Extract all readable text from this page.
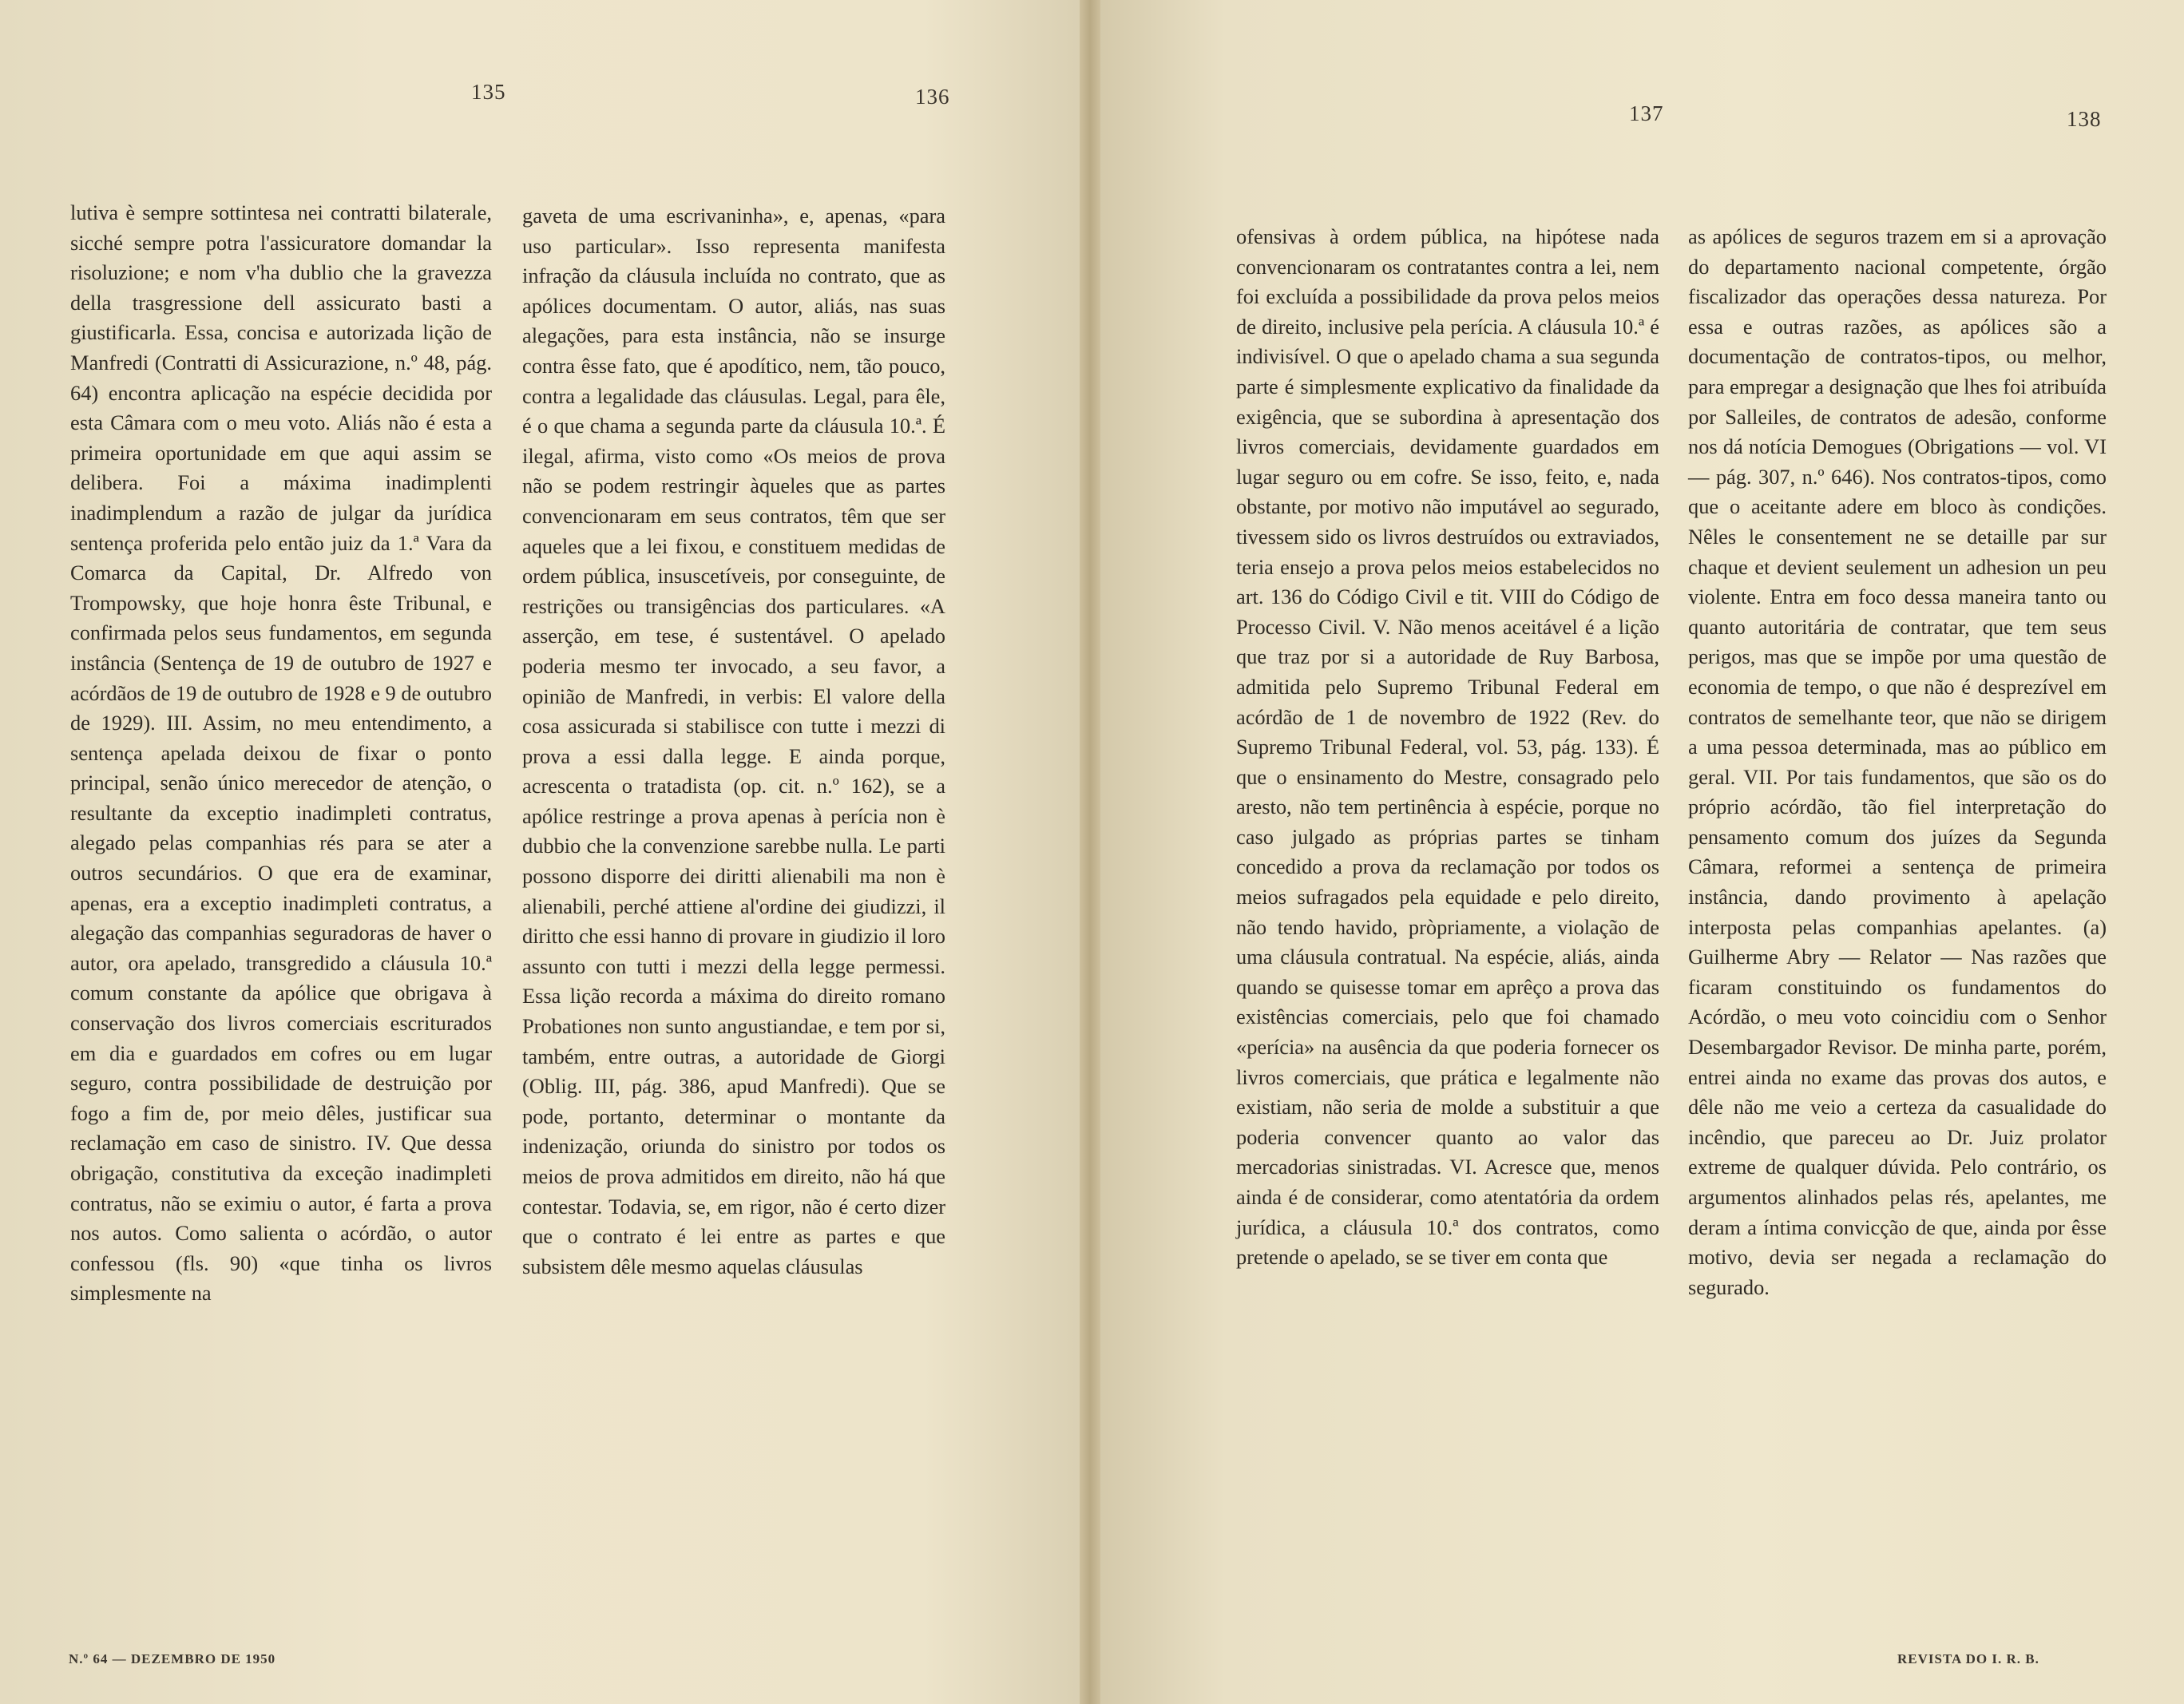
135	136
137	138

lutiva è sempre sottintesa nei contratti bilaterale, sicché sempre potra l'assicuratore domandar la risoluzione; e nom v'ha dublio che la gravezza della trasgressione dell assicurato basti a giustificarla. Essa, concisa e autorizada lição de Manfredi (Contratti di Assicurazione, n.º 48, pág. 64) encontra aplicação na espécie decidida por esta Câmara com o meu voto. Aliás não é esta a primeira oportunidade em que aqui assim se delibera. Foi a máxima inadimplenti inadimplendum a razão de julgar da jurídica sentença proferida pelo então juiz da 1.ª Vara da Comarca da Capital, Dr. Alfredo von Trompowsky, que hoje honra êste Tribunal, e confirmada pelos seus fundamentos, em segunda instância (Sentença de 19 de outubro de 1927 e acórdãos de 19 de outubro de 1928 e 9 de outubro de 1929). III. Assim, no meu entendimento, a sentença apelada deixou de fixar o ponto principal, senão único merecedor de atenção, o resultante da exceptio inadimpleti contratus, alegado pelas companhias rés para se ater a outros secundários. O que era de examinar, apenas, era a exceptio inadimpleti contratus, a alegação das companhias seguradoras de haver o autor, ora apelado, transgredido a cláusula 10.ª comum constante da apólice que obrigava à conservação dos livros comerciais escriturados em dia e guardados em cofres ou em lugar seguro, contra possibilidade de destruição por fogo a fim de, por meio dêles, justificar sua reclamação em caso de sinistro. IV. Que dessa obrigação, constitutiva da exceção inadimpleti contratus, não se eximiu o autor, é farta a prova nos autos. Como salienta o acórdão, o autor confessou (fls. 90) «que tinha os livros simplesmente na

gaveta de uma escrivaninha», e, apenas, «para uso particular». Isso representa manifesta infração da cláusula incluída no contrato, que as apólices documentam. O autor, aliás, nas suas alegações, para esta instância, não se insurge contra êsse fato, que é apodítico, nem, tão pouco, contra a legalidade das cláusulas. Legal, para êle, é o que chama a segunda parte da cláusula 10.ª. É ilegal, afirma, visto como «Os meios de prova não se podem restringir àqueles que as partes convencionaram em seus contratos, têm que ser aqueles que a lei fixou, e constituem medidas de ordem pública, insuscetíveis, por conseguinte, de restrições ou transigências dos particulares. «A asserção, em tese, é sustentável. O apelado poderia mesmo ter invocado, a seu favor, a opinião de Manfredi, in verbis: El valore della cosa assicurada si stabilisce con tutte i mezzi di prova a essi dalla legge. E ainda porque, acrescenta o tratadista (op. cit. n.º 162), se a apólice restringe a prova apenas à perícia non è dubbio che la convenzione sarebbe nulla. Le parti possono disporre dei diritti alienabili ma non è alienabili, perché attiene al'ordine dei giudizzi, il diritto che essi hanno di provare in giudizio il loro assunto con tutti i mezzi della legge permessi. Essa lição recorda a máxima do direito romano Probationes non sunto angustiandae, e tem por si, também, entre outras, a autoridade de Giorgi (Oblig. III, pág. 386, apud Manfredi). Que se pode, portanto, determinar o montante da indenização, oriunda do sinistro por todos os meios de prova admitidos em direito, não há que contestar. Todavia, se, em rigor, não é certo dizer que o contrato é lei entre as partes e que subsistem dêle mesmo aquelas cláusulas

ofensivas à ordem pública, na hipótese nada convencionaram os contratantes contra a lei, nem foi excluída a possibilidade da prova pelos meios de direito, inclusive pela perícia. A cláusula 10.ª é indivisível. O que o apelado chama a sua segunda parte é simplesmente explicativo da finalidade da exigência, que se subordina à apresentação dos livros comerciais, devidamente guardados em lugar seguro ou em cofre. Se isso, feito, e, nada obstante, por motivo não imputável ao segurado, tivessem sido os livros destruídos ou extraviados, teria ensejo a prova pelos meios estabelecidos no art. 136 do Código Civil e tit. VIII do Código de Processo Civil. V. Não menos aceitável é a lição que traz por si a autoridade de Ruy Barbosa, admitida pelo Supremo Tribunal Federal em acórdão de 1 de novembro de 1922 (Rev. do Supremo Tribunal Federal, vol. 53, pág. 133). É que o ensinamento do Mestre, consagrado pelo aresto, não tem pertinência à espécie, porque no caso julgado as próprias partes se tinham concedido a prova da reclamação por todos os meios sufragados pela equidade e pelo direito, não tendo havido, pròpriamente, a violação de uma cláusula contratual. Na espécie, aliás, ainda quando se quisesse tomar em aprêço a prova das existências comerciais, pelo que foi chamado «perícia» na ausência da que poderia fornecer os livros comerciais, que prática e legalmente não existiam, não seria de molde a substituir a que poderia convencer quanto ao valor das mercadorias sinistradas. VI. Acresce que, menos ainda é de considerar, como atentatória da ordem jurídica, a cláusula 10.ª dos contratos, como pretende o apelado, se se tiver em conta que

as apólices de seguros trazem em si a aprovação do departamento nacional competente, órgão fiscalizador das operações dessa natureza. Por essa e outras razões, as apólices são a documentação de contratos-tipos, ou melhor, para empregar a designação que lhes foi atribuída por Salleiles, de contratos de adesão, conforme nos dá notícia Demogues (Obrigations — vol. VI — pág. 307, n.º 646). Nos contratos-tipos, como que o aceitante adere em bloco às condições. Nêles le consentement ne se detaille par sur chaque et devient seulement un adhesion un peu violente. Entra em foco dessa maneira tanto ou quanto autoritária de contratar, que tem seus perigos, mas que se impõe por uma questão de economia de tempo, o que não é desprezível em contratos de semelhante teor, que não se dirigem a uma pessoa determinada, mas ao público em geral. VII. Por tais fundamentos, que são os do próprio acórdão, tão fiel interpretação do pensamento comum dos juízes da Segunda Câmara, reformei a sentença de primeira instância, dando provimento à apelação interposta pelas companhias apelantes. (a) Guilherme Abry — Relator — Nas razões que ficaram constituindo os fundamentos do Acórdão, o meu voto coincidiu com o Senhor Desembargador Revisor. De minha parte, porém, entrei ainda no exame das provas dos autos, e dêle não me veio a certeza da casualidade do incêndio, que pareceu ao Dr. Juiz prolator extreme de qualquer dúvida. Pelo contrário, os argumentos alinhados pelas rés, apelantes, me deram a íntima convicção de que, ainda por êsse motivo, devia ser negada a reclamação do segurado.

N.º 64 — DEZEMBRO DE 1950	REVISTA DO I. R. B.
